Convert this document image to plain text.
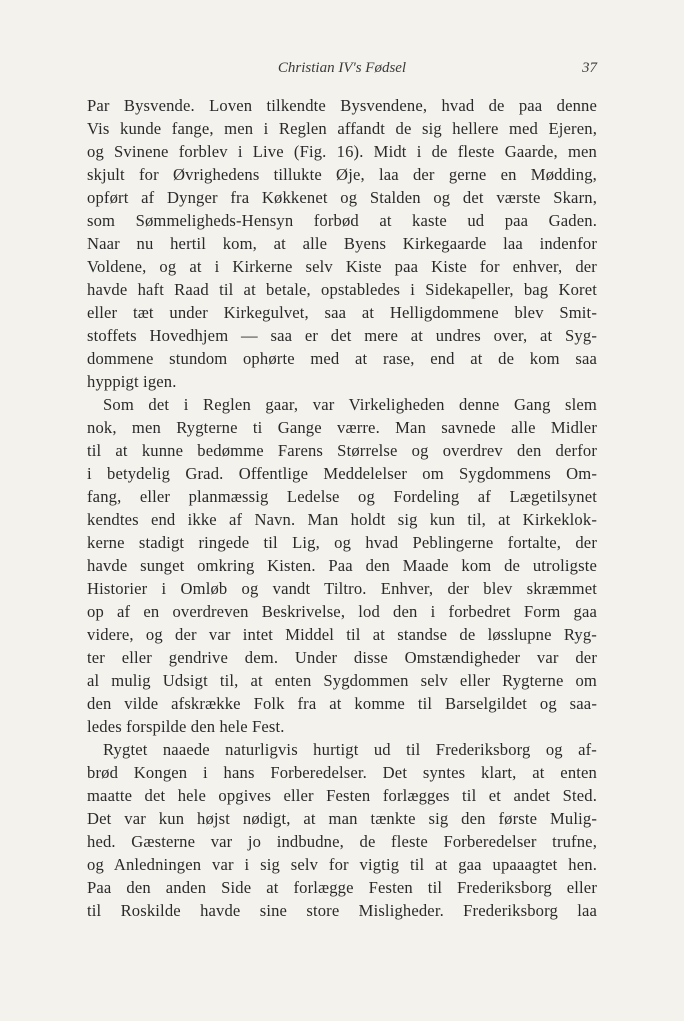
Christian IV's Fødsel	37
Par Bysvende. Loven tilkendte Bysvendene, hvad de paa denne
Vis kunde fange, men i Reglen affandt de sig hellere med Ejeren,
og Svinene forblev i Live (Fig. 16). Midt i de fleste Gaarde, men
skjult for Øvrighedens tillukte Øje, laa der gerne en Mødding,
opført af Dynger fra Køkkenet og Stalden og det værste Skarn,
som Sømmeligheds-Hensyn forbød at kaste ud paa Gaden.
Naar nu hertil kom, at alle Byens Kirkegaarde laa indenfor
Voldene, og at i Kirkerne selv Kiste paa Kiste for enhver, der
havde haft Raad til at betale, opstabledes i Sidekapeller, bag Koret
eller tæt under Kirkegulvet, saa at Helligdommene blev Smit-
stoffets Hovedhjem — saa er det mere at undres over, at Syg-
dommene stundom ophørte med at rase, end at de kom saa
hyppigt igen.
Som det i Reglen gaar, var Virkeligheden denne Gang slem
nok, men Rygterne ti Gange værre. Man savnede alle Midler
til at kunne bedømme Farens Størrelse og overdrev den derfor
i betydelig Grad. Offentlige Meddelelser om Sygdommens Om-
fang, eller planmæssig Ledelse og Fordeling af Lægetilsynet
kendtes end ikke af Navn. Man holdt sig kun til, at Kirkeklok-
kerne stadigt ringede til Lig, og hvad Peblingerne fortalte, der
havde sunget omkring Kisten. Paa den Maade kom de utroligste
Historier i Omløb og vandt Tiltro. Enhver, der blev skræmmet
op af en overdreven Beskrivelse, lod den i forbedret Form gaa
videre, og der var intet Middel til at standse de løsslupne Ryg-
ter eller gendrive dem. Under disse Omstændigheder var der
al mulig Udsigt til, at enten Sygdommen selv eller Rygterne om
den vilde afskrække Folk fra at komme til Barselgildet og saa-
ledes forspilde den hele Fest.
Rygtet naaede naturligvis hurtigt ud til Frederiksborg og af-
brød Kongen i hans Forberedelser. Det syntes klart, at enten
maatte det hele opgives eller Festen forlægges til et andet Sted.
Det var kun højst nødigt, at man tænkte sig den første Mulig-
hed. Gæsterne var jo indbudne, de fleste Forberedelser trufne,
og Anledningen var i sig selv for vigtig til at gaa upaaagtet hen.
Paa den anden Side at forlægge Festen til Frederiksborg eller
til Roskilde havde sine store Misligheder. Frederiksborg laa
